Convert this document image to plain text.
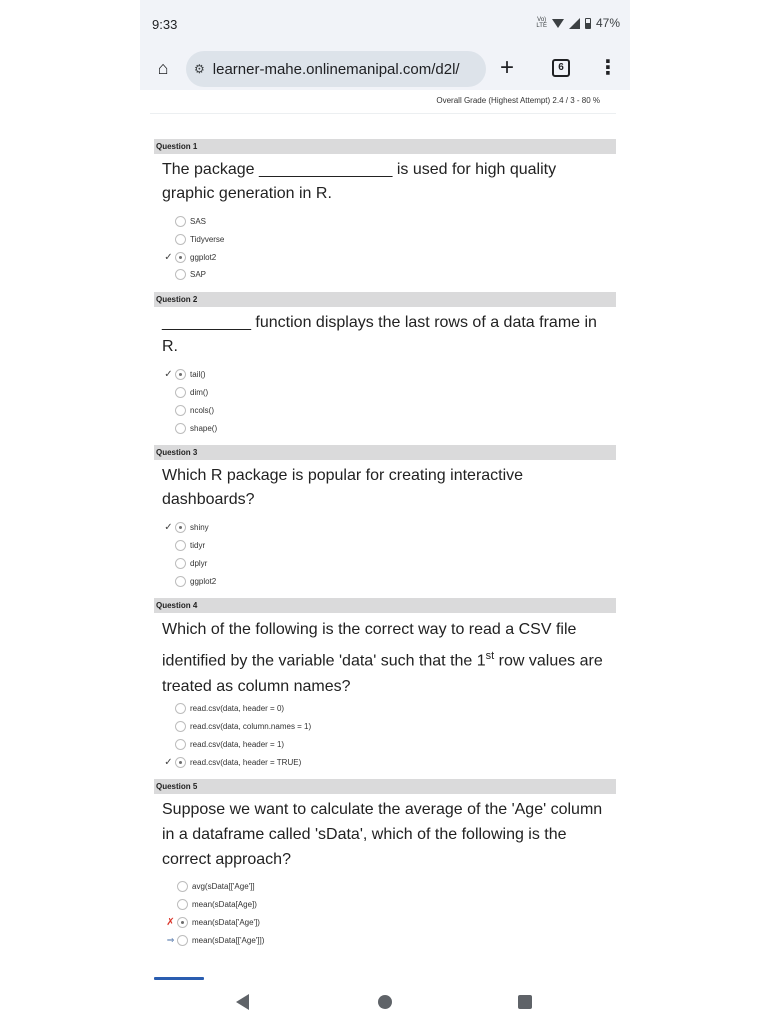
9:33	Vo)
LTE	47%
⌂	⚙ learner-mahe.onlinemanipal.com/d2l/ +	6	⋮
Overall Grade (Highest Attempt) 2.4 / 3 - 80 %
Question 1
The package _______________ is used for high quality graphic generation in R.
SAS
Tidyverse
✓ ggplot2
SAP
Question 2
__________ function displays the last rows of a data frame in R.
✓ tail()
dim()
ncols()
shape()
Question 3
Which R package is popular for creating interactive dashboards?
✓ shiny
tidyr
dplyr
ggplot2
Question 4
Which of the following is the correct way to read a CSV file identified by the variable 'data' such that the 1st row values are treated as column names?
read.csv(data, header = 0)
read.csv(data, column.names = 1)
read.csv(data, header = 1)
✓ read.csv(data, header = TRUE)
Question 5
Suppose we want to calculate the average of the 'Age' column in a dataframe called 'sData', which of the following is the correct approach?
avg(sData[['Age']]
mean(sData[Age])
✗ mean(sData['Age'])
⇒	mean(sData[['Age']])
